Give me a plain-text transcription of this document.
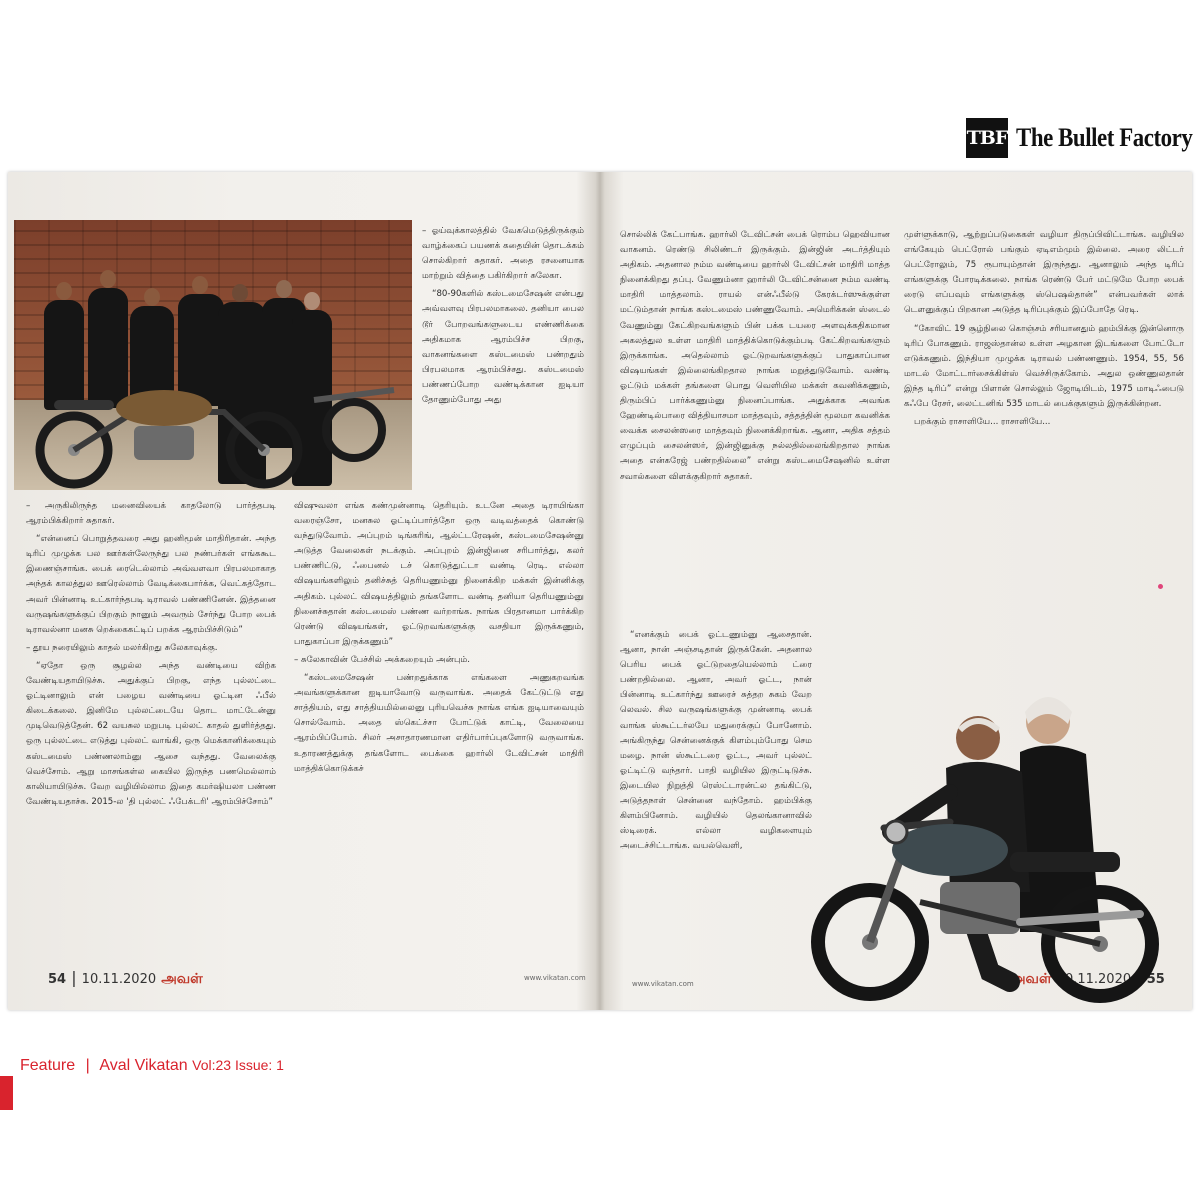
TBF The Bullet Factory

– அருகிலிருந்த மனைவியைக் காதலோடு பார்த்தபடி ஆரம்பிக்கிறார் சுதாகர்.

“என்னைப் பொறுத்தவரை அது ஹனிமூன் மாதிரிதான். அந்த டிரிப் முழுக்க பல ஊர்கள்லேருந்து பல நண்பர்கள் எங்ககூட இணைஞ்சாங்க. பைக் ரைடெல்லாம் அவ்வளவா பிரபலமாகாத அந்தக் காலத்துல ஊரெல்லாம் வேடிக்கைபார்க்க, வெட்கத்தோட அவர் பின்னாடி உட்கார்ந்தபடி டிராவல் பண்ணினேன். இத்தனை வருஷங்களுக்குப் பிறகும் நானும் அவரும் சேர்ந்து போற பைக் டிராவல்னா மனசு றெக்கைகட்டிப் பறக்க ஆரம்பிச்சிடும்”

– தூய நரையிலும் காதல் மலர்கிறது சுலேகாவுக்கு.

“ஏதோ ஒரு சூழல்ல அந்த வண்டியை விற்க வேண்டியதாயிடுச்சு. அதுக்குப் பிறகு, எந்த புல்லட்டை ஓட்டினாலும் என் பழைய வண்டியை ஓட்டின ஃபீல் கிடைக்கலை. இனிமே புல்லட்டையே தொட மாட்டேன்னு முடிவெடுத்தேன். 62 வயசுல மறுபடி புல்லட் காதல் துளிர்த்தது. ஒரு புல்லட்டை எடுத்து புல்லட் வாங்கி, ஒரு மெக்கானிக்கையும் கஸ்டமைஸ் பண்ணலாம்னு ஆசை வந்தது. வேலைக்கு வெச்சோம். ஆறு மாசங்கள்ல கையில இருந்த பணமெல்லாம் காலியாயிடுச்சு. வேற வழியில்லாம இதை கமர்ஷியலா பண்ண வேண்டியதாச்சு. 2015-ல 'தி புல்லட் ஃபேக்டரி' ஆரம்பிச்சோம்”

– ஓய்வுக்காலத்தில் வேகமெடுத்திருக்கும் வாழ்க்கைப் பயணக் கதையின் தொடக்கம் சொல்கிறார் சுதாகர். அதை ரசனையாக மாற்றும் வித்தை பகிர்கிறார் சுலேகா.

“80-90களில் கஸ்டமைசேஷன் என்பது அவ்வளவு பிரபலமாகலை. தனியா பைல டூர் போறவங்களுடைய எண்ணிக்கை அதிகமாக ஆரம்பிச்ச பிறகு, வாகனங்களை கஸ்டமைஸ் பண்றதும் பிரபலமாக ஆரம்பிச்சது. கஸ்டமைஸ் பண்ணப்போற வண்டிக்கான ஐடியா தோணும்போது அது

விஷுவலா எங்க கண்முன்னாடி தெரியும். உடனே அதை டிராயிங்கா வரைஞ்சோ, மனசுல ஓட்டிப்பார்த்தோ ஒரு வடிவத்தைக் கொண்டு வந்துடுவோம். அப்புறம் டிங்கரிங், ஆல்ட்டரேஷன், கஸ்டமைசேஷன்னு அடுத்த வேலைகள் நடக்கும். அப்புறம் இன்ஜினை சரிபார்த்து, கலர் பண்ணிட்டு, ஃபைனல் டச் கொடுத்துட்டா வண்டி ரெடி. எல்லா விஷயங்களிலும் தனிச்சுத் தெரியணும்னு நினைக்கிற மக்கள் இன்னிக்கு அதிகம். புல்லட் விஷயத்திலும் தங்களோட வண்டி தனியா தெரியணும்னு நினைச்சுதான் கஸ்டமைஸ் பண்ண வர்றாங்க. நாங்க பிரதானமா பார்க்கிற ரெண்டு விஷயங்கள், ஓட்டுறவங்களுக்கு வசதியா இருக்கணும், பாதுகாப்பா இருக்கணும்”

– சுலேகாவின் பேச்சில் அக்கறையும் அன்பும்.

“கஸ்டமைசேஷன் பண்றதுக்காக எங்களை அணுகறவங்க அவங்களுக்கான ஐடியாவோடு வருவாங்க. அதைக் கேட்டுட்டு எது சாத்தியம், எது சாத்தியமில்லைனு புரியவெச்சு நாங்க எங்க ஐடியாவையும் சொல்வோம். அதை ஸ்கெட்ச்சா போட்டுக் காட்டி, வேலையை ஆரம்பிப்போம். சிலர் அசாதாரணமான எதிர்பார்ப்புகளோடு வருவாங்க. உதாரணத்துக்கு தங்களோட பைக்கை ஹார்லி டேவிட்சன் மாதிரி மாத்திக்கொடுக்கச்

54 | 10.11.2020 அவள்	www.vikatan.com

சொல்லிக் கேட்பாங்க. ஹார்லி டேவிட்சன் பைக் ரொம்ப ஹெவியான வாகனம். ரெண்டு சிலிண்டர் இருக்கும். இன்ஜின் அடர்த்தியும் அதிகம். அதனால நம்ம வண்டியை ஹார்லி டேவிட்சன் மாதிரி மாத்த நினைக்கிறது தப்பு. வேணும்னா ஹார்லி டேவிட்சன்னை நம்ம வண்டி மாதிரி மாத்தலாம். ராயல் என்ஃபீல்டு கேரக்டர்ஸுக்குள்ள மட்டும்தான் நாங்க கஸ்டமைஸ் பண்ணுவோம். அமெரிக்கன் ஸ்டைல் வேணும்னு கேட்கிறவங்களும் பின் பக்க டயரை அளவுக்கதிகமான அகலத்துல உள்ள மாதிரி மாத்திக்கொடுக்கும்படி கேட்கிறவங்களும் இருக்காங்க. அதெல்லாம் ஓட்டுறவங்களுக்குப் பாதுகாப்பான விஷயங்கள் இல்லைங்கிறதால நாங்க மறுத்துடுவோம். வண்டி ஓட்டும் மக்கள் தங்களை பொது வெளியில மக்கள் கவனிக்கணும், திரும்பிப் பார்க்கணும்னு நினைப்பாங்க. அதுக்காக அவங்க ஹேண்டில்பாரை வித்தியாசமா மாத்தவும், சத்தத்தின் மூலமா கவனிக்க வைக்க சைலன்ஸரை மாத்தவும் நினைக்கிறாங்க. ஆனா, அதிக சத்தம் எழுப்பும் சைலன்ஸர், இன்ஜினுக்கு நல்லதில்லைங்கிறதால நாங்க அதை என்கரேஜ் பண்றதில்லை” என்று கஸ்டமைசேஷனில் உள்ள சவால்களை விளக்குகிறார் சுதாகர்.

“எனக்கும் பைக் ஓட்டணும்னு ஆசைதான். ஆனா, நான் அஞ்சடிதான் இருக்கேன். அதனால பெரிய பைக் ஓட்டுறதையெல்லாம் ட்ரை பண்றதில்லை. ஆனா, அவர் ஓட்ட, நான் பின்னாடி உட்கார்ந்து ஊரைச் சுத்தற சுகம் வேற லெவல். சில வருஷங்களுக்கு முன்னாடி பைக் வாங்க ஸ்கூட்டர்லயே மதுரைக்குப் போனோம். அங்கிருந்து சென்னைக்குக் கிளம்பும்போது செம மழை. நான் ஸ்கூட்டரை ஓட்ட, அவர் புல்லட் ஓட்டிட்டு வந்தார். பாதி வழியில இருட்டிடுச்சு. இடையில நிறுத்தி ரெஸ்ட்டாரன்ட்ல தங்கிட்டு, அடுத்தநாள் சென்னை வந்தோம். ஹம்பிக்கு கிளம்பினோம். வழியில் தெலங்கானாவில் ஸ்டிரைக். எல்லா வழிகளையும் அடைச்சிட்டாங்க. வயல்வெளி,

முள்ளுக்காடு, ஆற்றுப்படுகைகள் வழியா திருப்பிவிட்டாங்க. வழியில எங்கேயும் பெட்ரோல் பங்கும் ஏடிஎம்மும் இல்லை. அரை லிட்டர் பெட்ரோலும், 75 ரூபாயும்தான் இருந்தது. ஆனாலும் அந்த டிரிப் எங்களுக்கு போரடிக்கலை. நாங்க ரெண்டு பேர் மட்டுமே போற பைக் ரைடு எப்பவும் எங்களுக்கு ஸ்பெஷல்தான்” என்பவர்கள் லாக் டௌனுக்குப் பிறகான அடுத்த டிரிப்புக்கும் இப்போதே ரெடி.

“கோவிட் 19 சூழ்நிலை கொஞ்சம் சரியானதும் ஹம்பிக்கு இன்னொரு டிரிப் போகணும். ராஜஸ்தான்ல உள்ள அழகான இடங்களை போட்டோ எடுக்கணும். இந்தியா முழுக்க டிராவல் பண்ணணும். 1954, 55, 56 மாடல் மோட்டார்சைக்கிள்ஸ் வெச்சிருக்கோம். அதுல ஒண்ணுலதான் இந்த டிரிப்” என்று பிளான் சொல்லும் ஜோடியிடம், 1975 மாடிஃபைடு கஃபே ரேசர், லைட்டனிங் 535 மாடல் பைக்குகளும் இருக்கின்றன.

பறக்கும் ராசாளியே... ராசாளியே...

www.vikatan.com	அவள் 10.11.2020 | 55
Feature | Aval Vikatan Vol:23 Issue: 1
